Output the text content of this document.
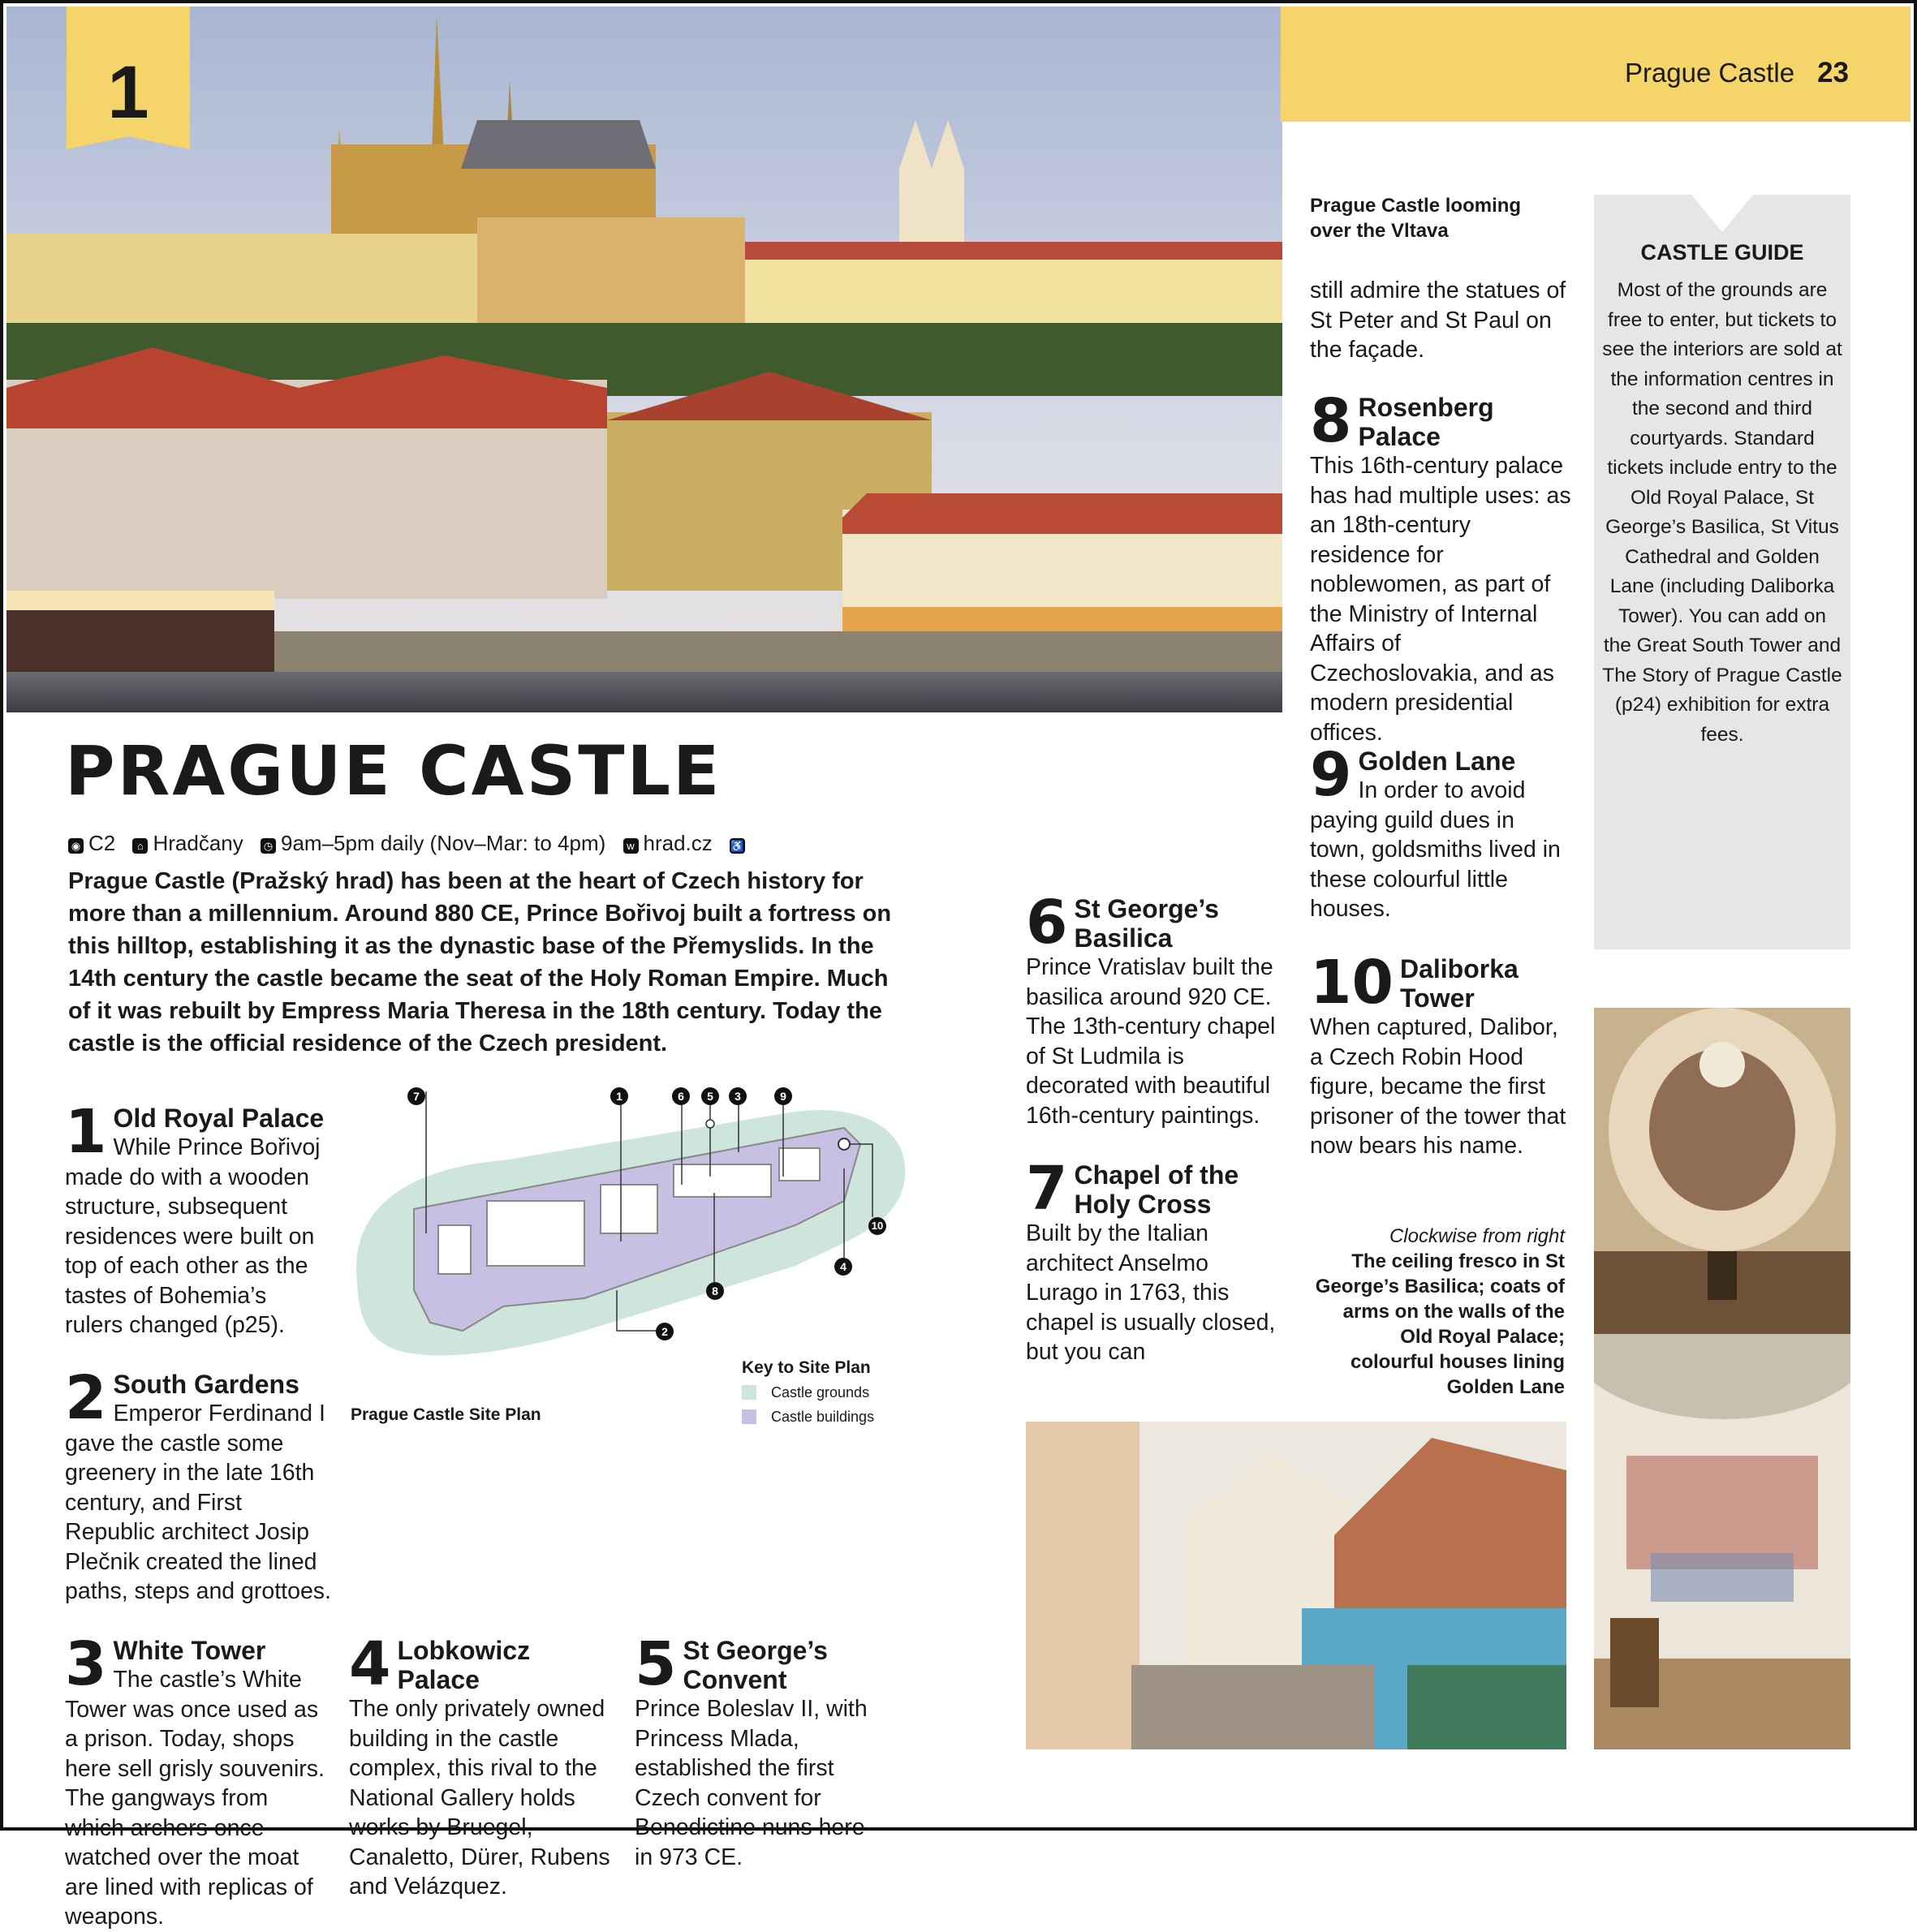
Prague Castle 23
1
Prague Castle looming over the Vltava
still admire the statues of St Peter and St Paul on the façade.
PRAGUE CASTLE
◉ C2 ⌂ Hradčany ◷ 9am–5pm daily (Nov–Mar: to 4pm) w hrad.cz ♿
Prague Castle (Pražský hrad) has been at the heart of Czech history for more than a millennium. Around 880 CE, Prince Bořivoj built a fortress on this hilltop, establishing it as the dynastic base of the Přemyslids. In the 14th century the castle became the seat of the Holy Roman Empire. Much of it was rebuilt by Empress Maria Theresa in the 18th century. Today the castle is the official residence of the Czech president.
1 Old Royal Palace
While Prince Bořivoj made do with a wooden structure, subsequent residences were built on top of each other as the tastes of Bohemia’s rulers changed (p25).
2 South Gardens
Emperor Ferdinand I gave the castle some greenery in the late 16th century, and First Republic architect Josip Plečnik created the lined paths, steps and grottoes.
3 White Tower
The castle’s White Tower was once used as a prison. Today, shops here sell grisly souvenirs. The gangways from which archers once watched over the moat are lined with replicas of weapons.
4 Lobkowicz Palace
The only privately owned building in the castle complex, this rival to the National Gallery holds works by Bruegel, Canaletto, Dürer, Rubens and Velázquez.
5 St George’s Convent
Prince Boleslav II, with Princess Mlada, established the first Czech convent for Benedictine nuns here in 973 CE.
6 St George’s Basilica
Prince Vratislav built the basilica around 920 CE. The 13th-century chapel of St Ludmila is decorated with beautiful 16th-century paintings.
7 Chapel of the Holy Cross
Built by the Italian architect Anselmo Lurago in 1763, this chapel is usually closed, but you can
8 Rosenberg Palace
This 16th-century palace has had multiple uses: as an 18th-century residence for noblewomen, as part of the Ministry of Internal Affairs of Czechoslovakia, and as modern presidential offices.
9 Golden Lane
In order to avoid paying guild dues in town, goldsmiths lived in these colourful little houses.
10 Daliborka Tower
When captured, Dalibor, a Czech Robin Hood figure, became the first prisoner of the tower that now bears his name.
7	1	6	5	3	9
10
4
8
2
Prague Castle Site Plan
Key to Site Plan
Castle grounds
Castle buildings
CASTLE GUIDE
Most of the grounds are free to enter, but tickets to see the interiors are sold at the information centres in the second and third courtyards. Standard tickets include entry to the Old Royal Palace, St George’s Basilica, St Vitus Cathedral and Golden Lane (including Daliborka Tower). You can add on the Great South Tower and The Story of Prague Castle (p24) exhibition for extra fees.
Clockwise from right
The ceiling fresco in St George’s Basilica; coats of arms on the walls of the Old Royal Palace; colourful houses lining Golden Lane
